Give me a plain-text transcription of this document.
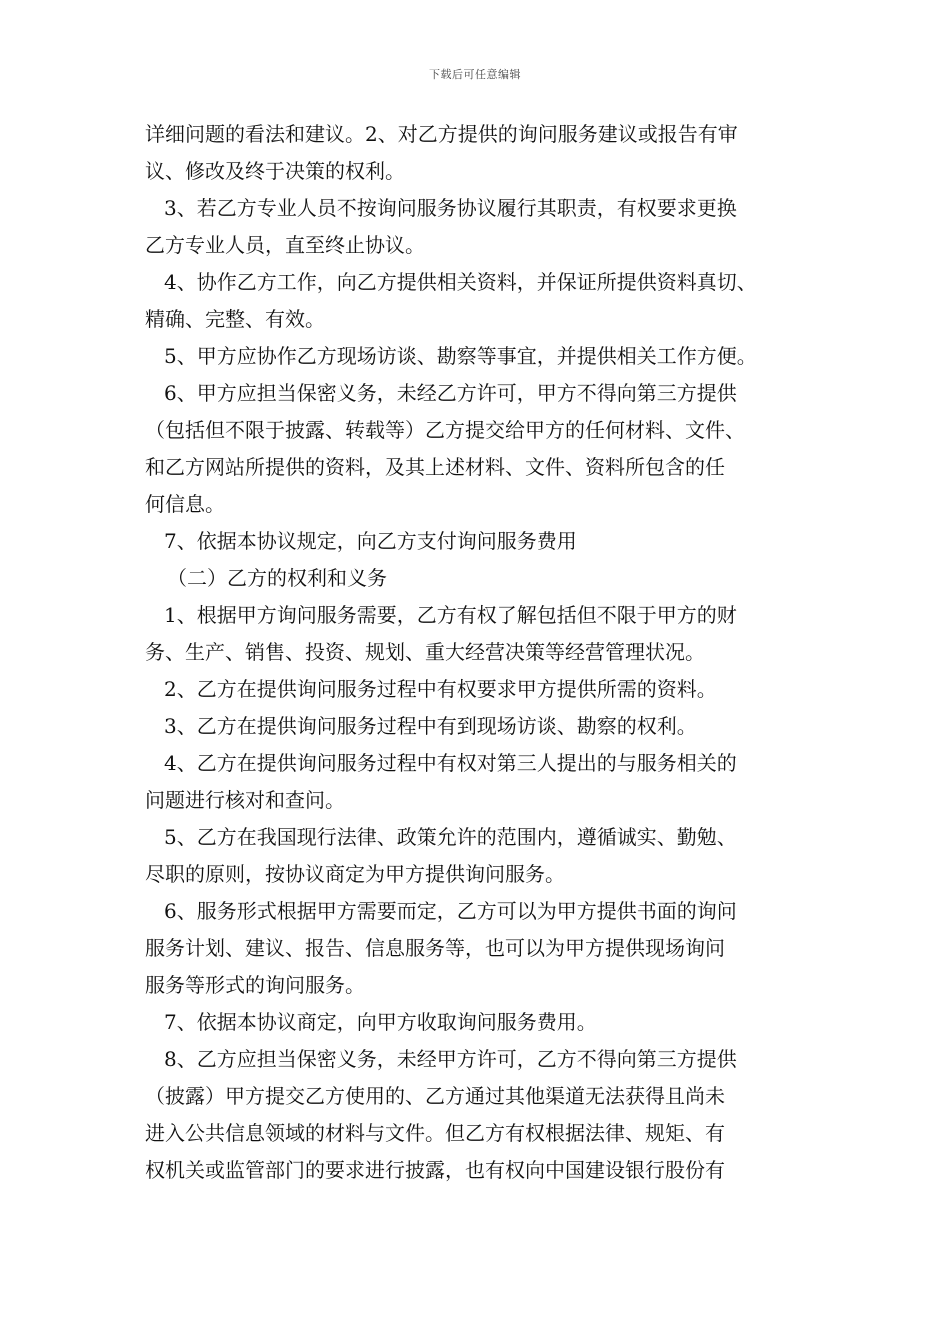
下载后可任意编辑
详细问题的看法和建议。2、对乙方提供的询问服务建议或报告有审
议、修改及终于决策的权利。
3、若乙方专业人员不按询问服务协议履行其职责，有权要求更换
乙方专业人员，直至终止协议。
4、协作乙方工作，向乙方提供相关资料，并保证所提供资料真切、
精确、完整、有效。
5、甲方应协作乙方现场访谈、勘察等事宜，并提供相关工作方便。
6、甲方应担当保密义务，未经乙方许可，甲方不得向第三方提供
（包括但不限于披露、转载等）乙方提交给甲方的任何材料、文件、
和乙方网站所提供的资料，及其上述材料、文件、资料所包含的任
何信息。
7、依据本协议规定，向乙方支付询问服务费用
（二）乙方的权利和义务
1、根据甲方询问服务需要，乙方有权了解包括但不限于甲方的财
务、生产、销售、投资、规划、重大经营决策等经营管理状况。
2、乙方在提供询问服务过程中有权要求甲方提供所需的资料。
3、乙方在提供询问服务过程中有到现场访谈、勘察的权利。
4、乙方在提供询问服务过程中有权对第三人提出的与服务相关的
问题进行核对和查问。
5、乙方在我国现行法律、政策允许的范围内，遵循诚实、勤勉、
尽职的原则，按协议商定为甲方提供询问服务。
6、服务形式根据甲方需要而定，乙方可以为甲方提供书面的询问
服务计划、建议、报告、信息服务等，也可以为甲方提供现场询问
服务等形式的询问服务。
7、依据本协议商定，向甲方收取询问服务费用。
8、乙方应担当保密义务，未经甲方许可，乙方不得向第三方提供
（披露）甲方提交乙方使用的、乙方通过其他渠道无法获得且尚未
进入公共信息领域的材料与文件。但乙方有权根据法律、规矩、有
权机关或监管部门的要求进行披露，也有权向中国建设银行股份有
